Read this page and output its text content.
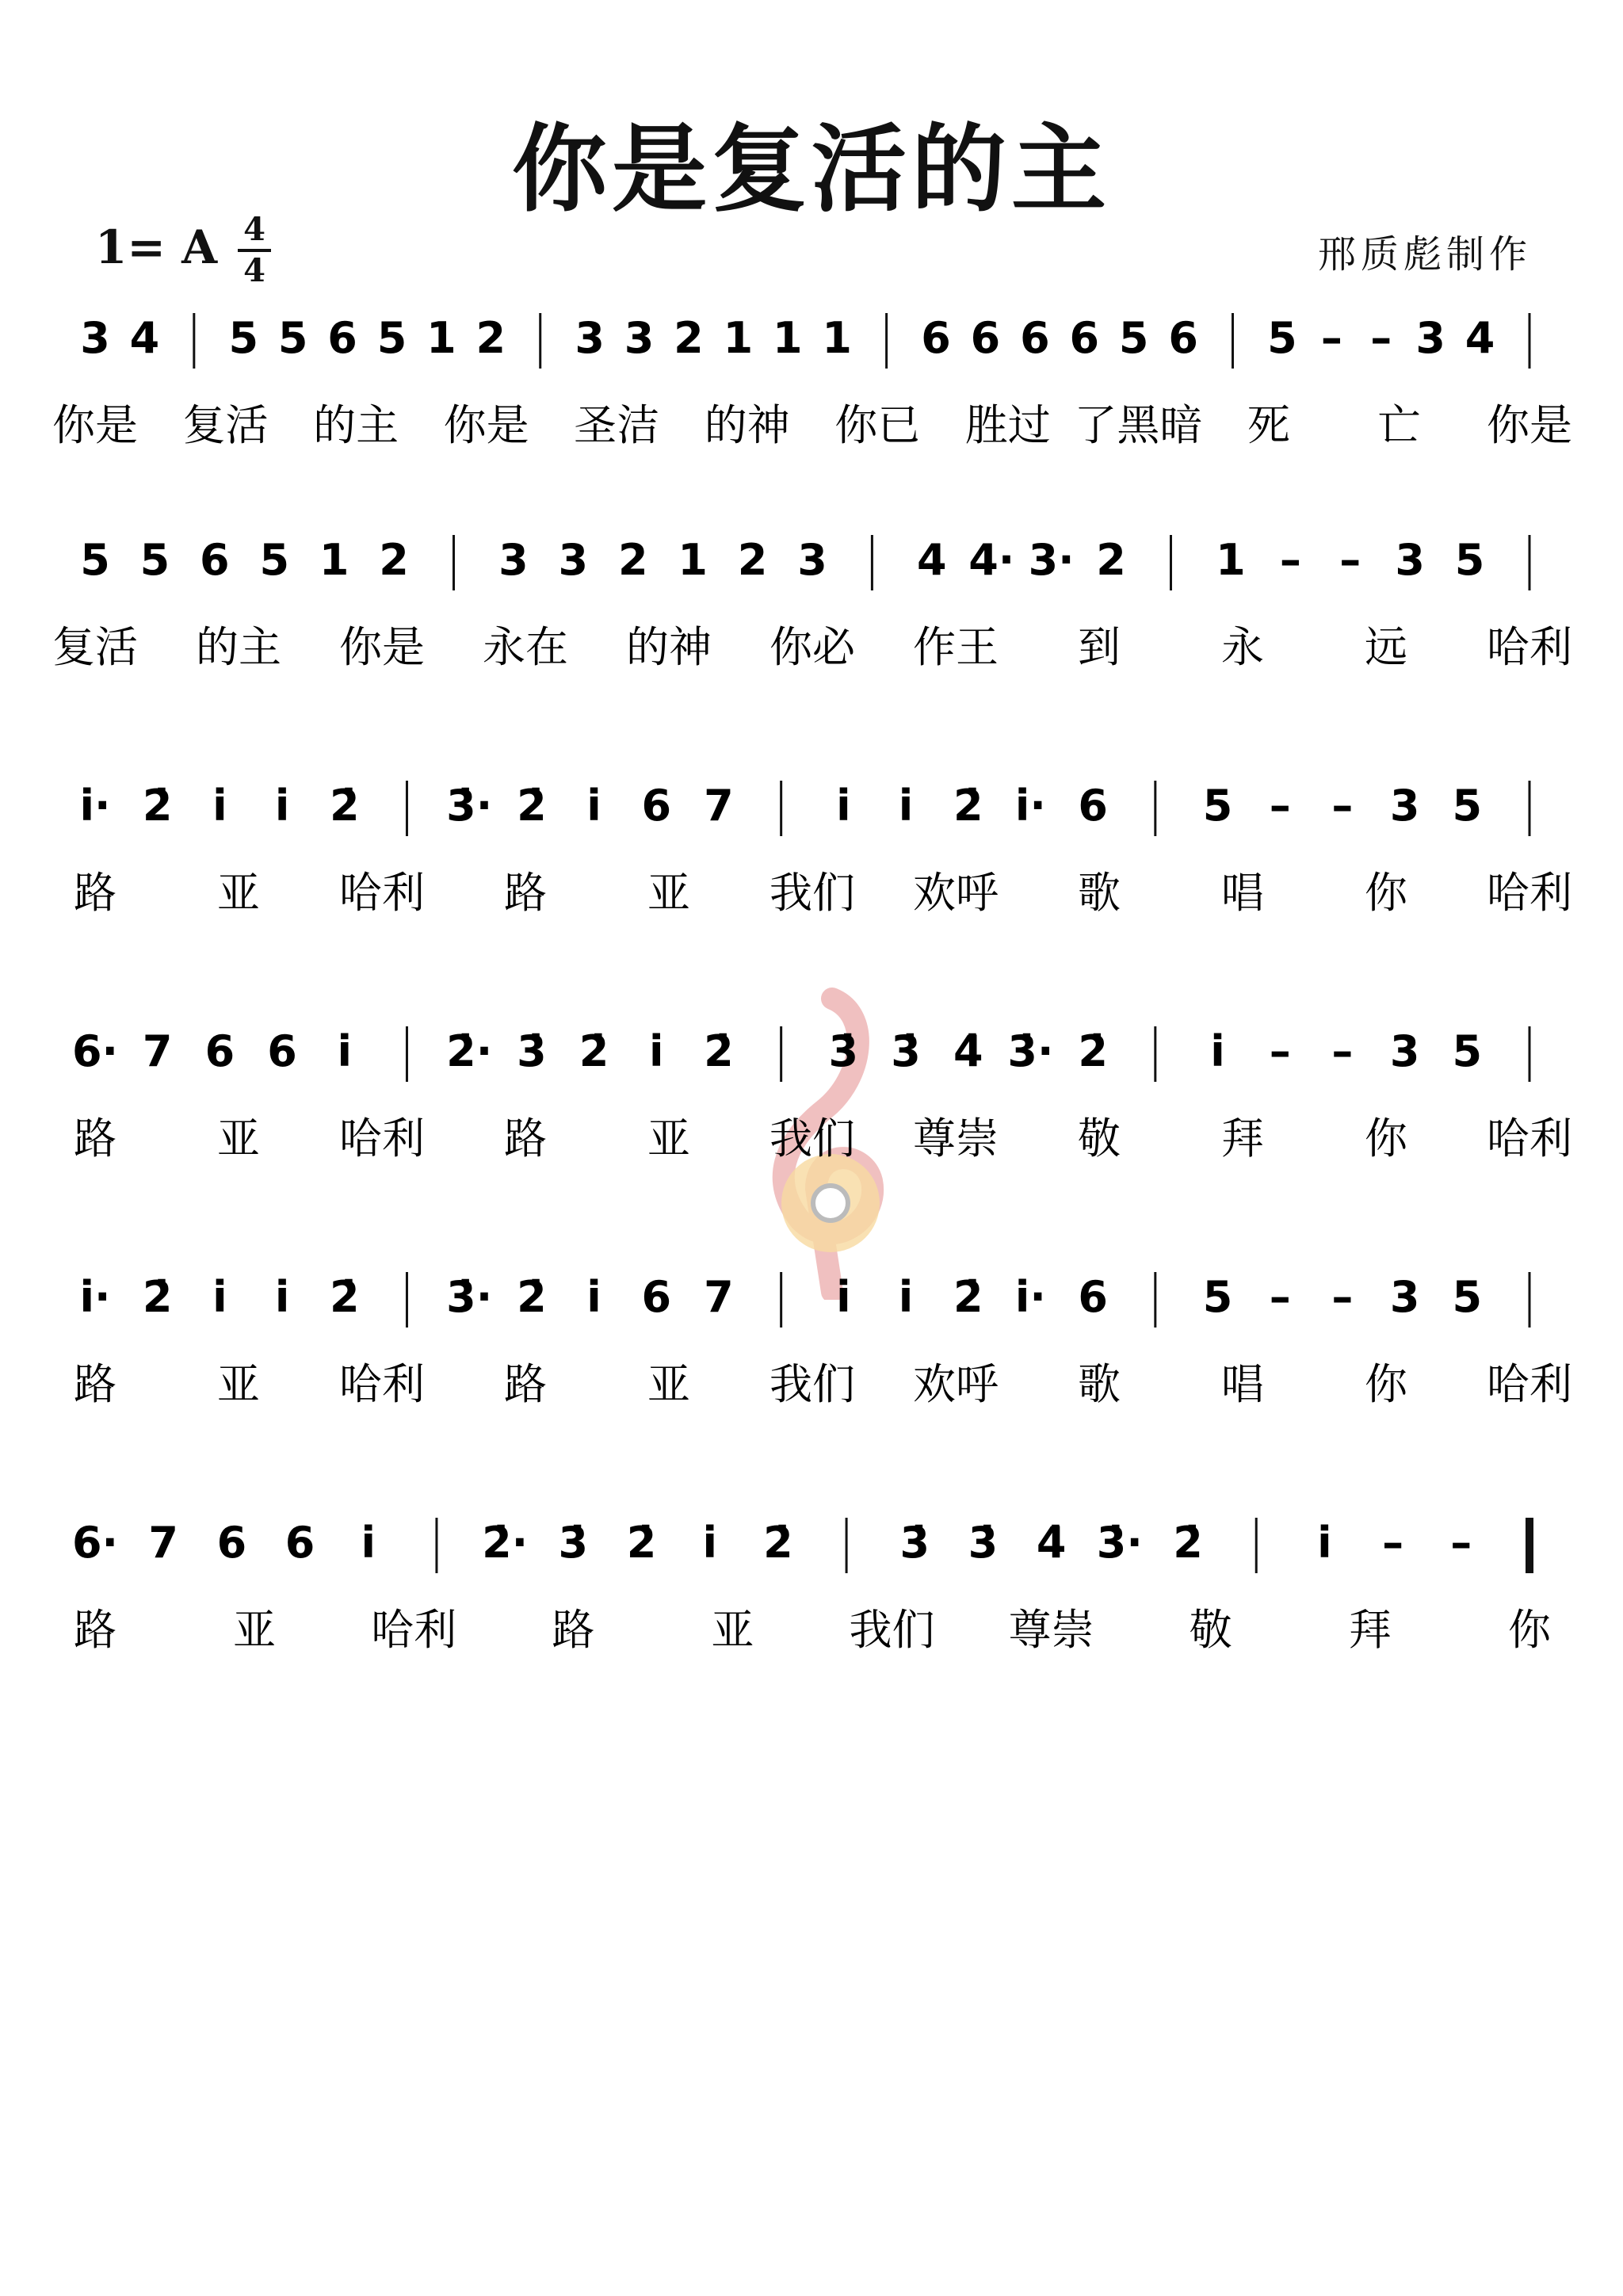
你是复活的主
1= A 4
4	邢质彪制作
3 4 5 5 6 5 1 2 3 3 2 1 1 1 6 6 6 6 5 6 5 – – 3 4
你是 复活 的主 你是 圣洁 的神 你已 胜过 了黑暗 死 亡 你是
5 5 6 5 1 2 3 3 2 1 2 3 4 4· 3· 2 1 – – 3 5
复活 的主 你是 永在 的神 你必 作王 到 永 远 哈利
i· 2̇ i i 2̇ 3̇· 2̇ i 6 7 i i 2̇ i· 6 5 – – 3 5
路 亚 哈利 路 亚 我们 欢呼 歌 唱 你 哈利
6· 7 6 6 i 2̇· 3̇ 2̇ i 2̇ 3̇ 3̇ 4̇ 3̇· 2̇ i – – 3 5
路 亚 哈利 路 亚 我们 尊崇 敬 拜 你 哈利
i· 2̇ i i 2̇ 3̇· 2̇ i 6 7 i i 2̇ i· 6 5 – – 3 5
路 亚 哈利 路 亚 我们 欢呼 歌 唱 你 哈利
6· 7 6 6 i 2̇· 3̇ 2̇ i 2̇ 3̇ 3̇ 4̇ 3̇· 2̇	i – –
路	亚 哈利 路	亚 我们 尊崇 敬	拜	你
